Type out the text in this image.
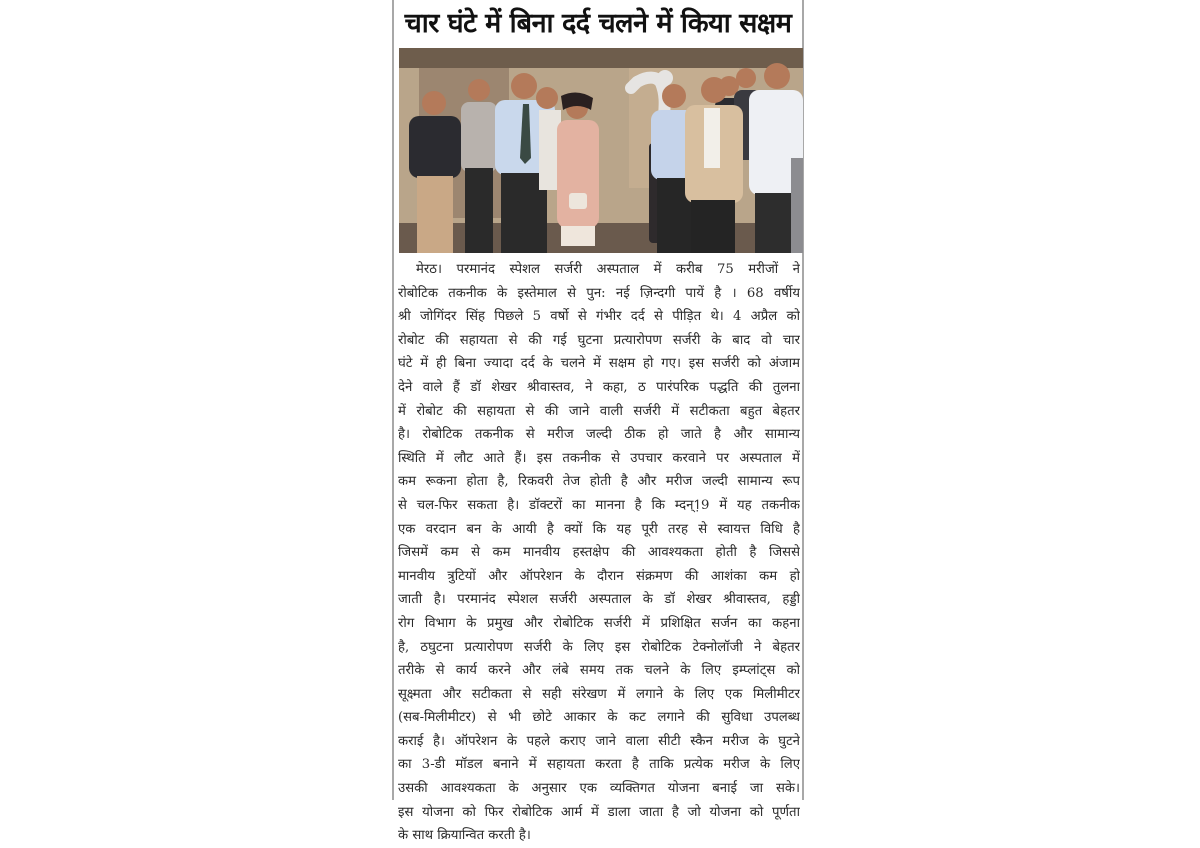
चार घंटे में बिना दर्द चलने में किया सक्षम
मेरठ। परमानंद स्पेशल सर्जरी अस्पताल में करीब 75 मरीजों ने
रोबोटिक तकनीक के इस्तेमाल से पुन: नई ज़िन्दगी पायें है । 68 वर्षीय
श्री जोगिंदर सिंह पिछले 5 वर्षो से गंभीर दर्द से पीड़ित थे। 4 अप्रैल को
रोबोट की सहायता से की गई घुटना प्रत्यारोपण सर्जरी के बाद वो चार
घंटे में ही बिना ज्यादा दर्द के चलने में सक्षम हो गए। इस सर्जरी को अंजाम
देने वाले हैं डॉ शेखर श्रीवास्तव, ने कहा, ठ पारंपरिक पद्धति की तुलना
में रोबोट की सहायता से की जाने वाली सर्जरी में सटीकता बहुत बेहतर
है। रोबोटिक तकनीक से मरीज जल्दी ठीक हो जाते है और सामान्य
स्थिति में लौट आते हैं। इस तकनीक से उपचार करवाने पर अस्पताल में
कम रूकना होता है, रिकवरी तेज होती है और मरीज जल्दी सामान्य रूप
से चल-फिर सकता है। डॉक्टरों का मानना है कि म्दन्1़9 में यह तकनीक
एक वरदान बन के आयी है क्यों कि यह पूरी तरह से स्वायत्त विधि है
जिसमें कम से कम मानवीय हस्तक्षेप की आवश्यकता होती है जिससे
मानवीय त्रुटियों और ऑपरेशन के दौरान संक्रमण की आशंका कम हो
जाती है। परमानंद स्पेशल सर्जरी अस्पताल के डॉ शेखर श्रीवास्तव, हड्डी
रोग विभाग के प्रमुख और रोबोटिक सर्जरी में प्रशिक्षित सर्जन का कहना
है, ठघुटना प्रत्यारोपण सर्जरी के लिए इस रोबोटिक टेक्नोलॉजी ने बेहतर
तरीके से कार्य करने और लंबे समय तक चलने के लिए इम्प्लांट्स को
सूक्ष्मता और सटीकता से सही संरेखण में लगाने के लिए एक मिलीमीटर
(सब-मिलीमीटर) से भी छोटे आकार के कट लगाने की सुविधा उपलब्ध
कराई है। ऑपरेशन के पहले कराए जाने वाला सीटी स्कैन मरीज के घुटने
का 3-डी मॉडल बनाने में सहायता करता है ताकि प्रत्येक मरीज के लिए
उसकी आवश्यकता के अनुसार एक व्यक्तिगत योजना बनाई जा सके।
इस योजना को फिर रोबोटिक आर्म में डाला जाता है जो योजना को पूर्णता
के साथ क्रियान्वित करती है।
